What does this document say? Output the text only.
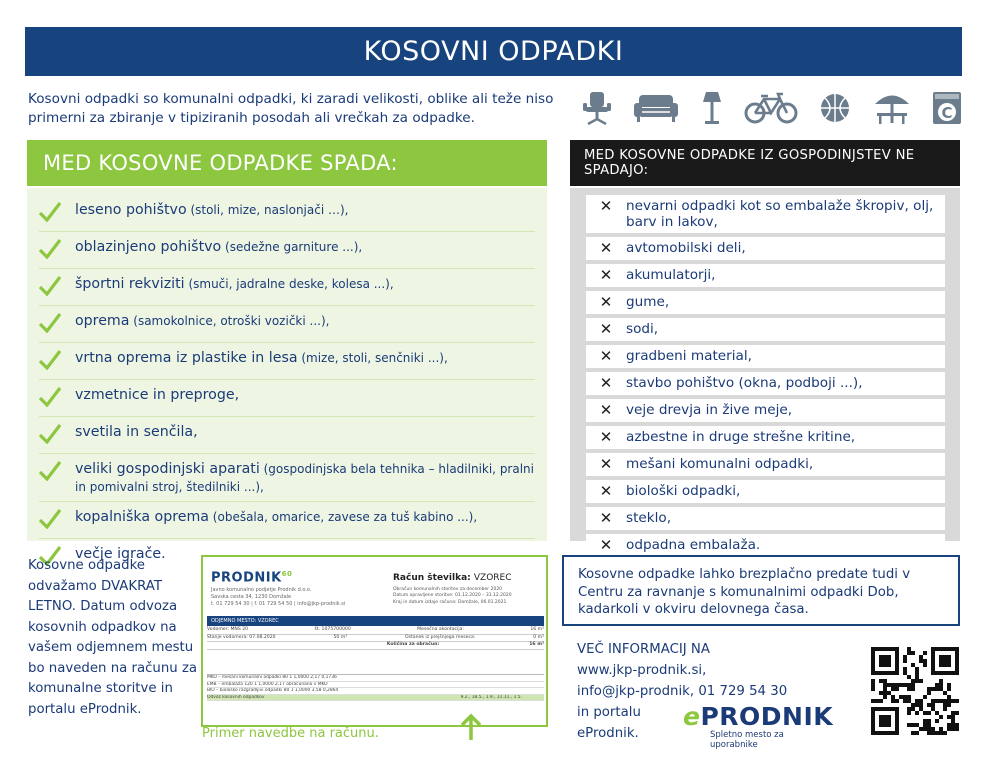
KOSOVNI ODPADKI
Kosovni odpadki so komunalni odpadki, ki zaradi velikosti, oblike ali teže niso primerni za zbiranje v tipiziranih posodah ali vrečkah za odpadke.	C
MED KOSOVNE ODPADKE SPADA:
leseno pohištvo (stoli, mize, naslonjači …),
oblazinjeno pohištvo (sedežne garniture ...),
športni rekviziti (smuči, jadralne deske, kolesa ...),
oprema (samokolnice, otroški vozički ...),
vrtna oprema iz plastike in lesa (mize, stoli, senčniki ...),
vzmetnice in preproge,
svetila in senčila,
veliki gospodinjski aparati (gospodinjska bela tehnika – hladilniki, pralni in pomivalni stroj, štedilniki ...),
kopalniška oprema (obešala, omarice, zavese za tuš kabino ...),
večje igrače.
MED KOSOVNE ODPADKE IZ GOSPODINJSTEV NE SPADAJO:
✕	nevarni odpadki kot so embalaže škropiv, olj, barv in lakov,
✕	avtomobilski deli,
✕	akumulatorji,
✕	gume,
✕	sodi,
✕	gradbeni material,
✕	stavbo pohištvo (okna, podboji ...),
✕	veje drevja in žive meje,
✕	azbestne in druge strešne kritine,
✕	mešani komunalni odpadki,
✕	biološki odpadki,
✕	steklo,
✕	odpadna embalaža.
Kosovne odpadke odvažamo DVAKRAT LETNO. Datum odvoza kosovnih odpadkov na vašem odjemnem mestu bo naveden na računu za komunalne storitve in portalu eProdnik.
PRODNIK$^{60}$
Javno komunalno podjetje Prodnik d.o.o.
Savska cesta 34, 1230 Domžale
t. 01 729 54 30 | f. 01 729 54 50 | info@jkp-prodnik.si
Račun številka: VZOREC
Obračun komunalnih storitev za december 2020
Datum opravljene storitve: 01.12.2020 – 31.12.2020
Kraj in datum izdaje računa: Domžale, 06.01.2021
ODJEMNO MESTO: VZOREC
Vodomer: MNS 20	št. 1075700000	Mesečna akontacija:	16 m³
Stanje vodomera: 07.08.2020	50 m³	Ostanek iz prejšnjega meseca:	0 m³
Količina za obračun:	16 m³
MKO – mešani komunalni odpadki 80 1 1,0000 2,17 0,1736
EMB – embalaža 120 1 1,0000 2,17 obračunano v MKO
BIO – biološko razgradljivi odpadki 80 1 1,0000 3,58 0,2864
Odvoz kosovnih odpadkov	9.2., 18.5., 1.9., 11.11., 1.5.
Primer navedbe na računu.
Kosovne odpadke lahko brezplačno predate tudi v Centru za ravnanje s komunalnimi odpadki Dob, kadarkoli v okviru delovnega časa.
VEČ INFORMACIJ NA
www.jkp-prodnik.si,
info@jkp-prodnik, 01 729 54 30
in portalu
eProdnik.
ePRODNIK
Spletno mesto za uporabnike
